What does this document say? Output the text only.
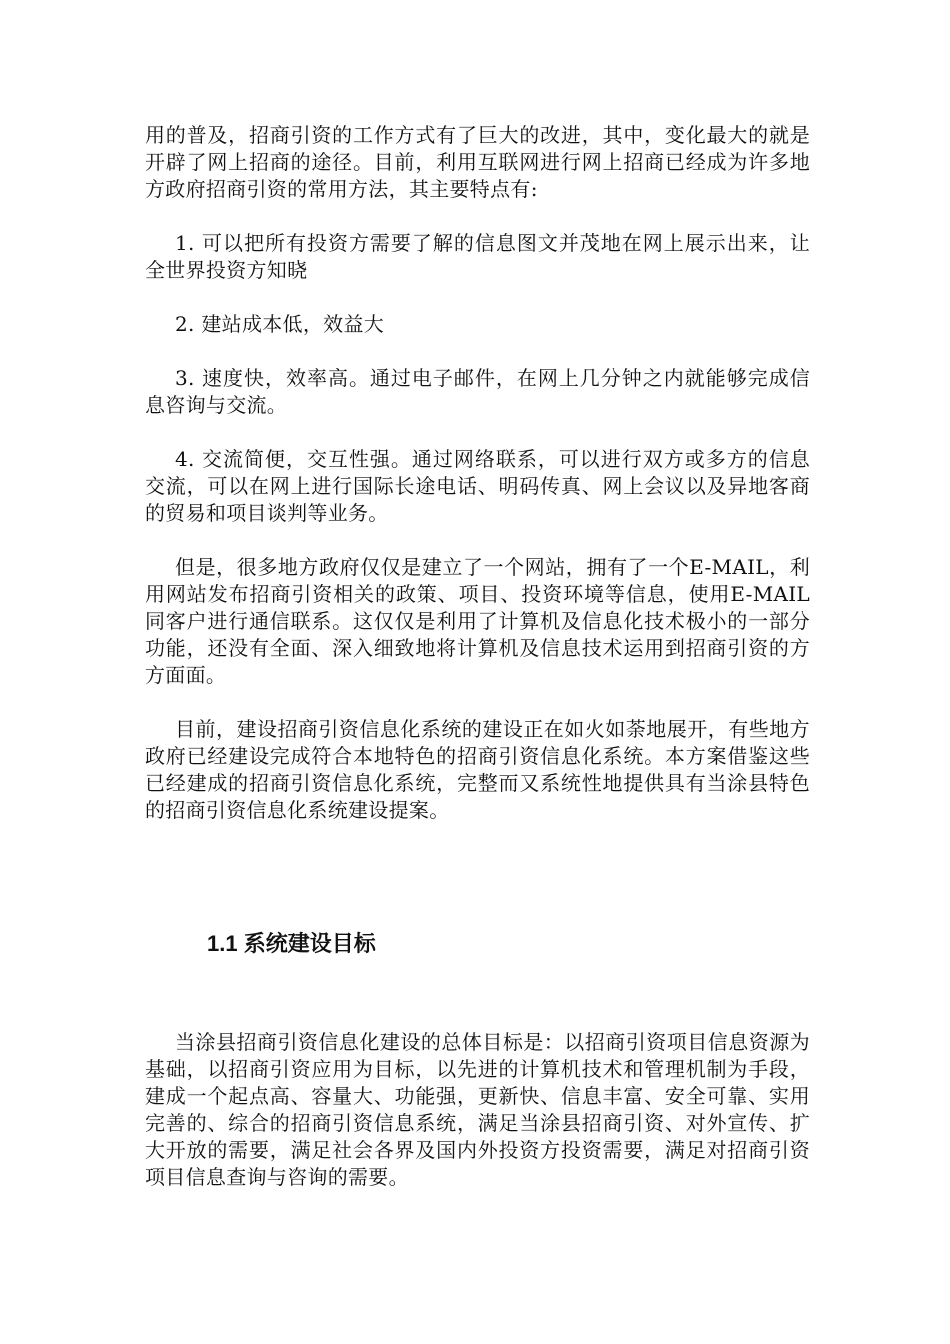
用的普及，招商引资的工作方式有了巨大的改进，其中，变化最大的就是开辟了网上招商的途径。目前，利用互联网进行网上招商已经成为许多地方政府招商引资的常用方法，其主要特点有:

1. 可以把所有投资方需要了解的信息图文并茂地在网上展示出来，让全世界投资方知晓

2. 建站成本低，效益大

3. 速度快，效率高。通过电子邮件，在网上几分钟之内就能够完成信息咨询与交流。

4. 交流简便，交互性强。通过网络联系，可以进行双方或多方的信息交流，可以在网上进行国际长途电话、明码传真、网上会议以及异地客商的贸易和项目谈判等业务。

但是，很多地方政府仅仅是建立了一个网站，拥有了一个E-MAIL，利用网站发布招商引资相关的政策、项目、投资环境等信息，使用E-MAIL同客户进行通信联系。这仅仅是利用了计算机及信息化技术极小的一部分功能，还没有全面、深入细致地将计算机及信息技术运用到招商引资的方方面面。

目前，建设招商引资信息化系统的建设正在如火如荼地展开，有些地方政府已经建设完成符合本地特色的招商引资信息化系统。本方案借鉴这些已经建成的招商引资信息化系统，完整而又系统性地提供具有当涂县特色的招商引资信息化系统建设提案。

1.1 系统建设目标

当涂县招商引资信息化建设的总体目标是：以招商引资项目信息资源为基础，以招商引资应用为目标，以先进的计算机技术和管理机制为手段，建成一个起点高、容量大、功能强，更新快、信息丰富、安全可靠、实用完善的、综合的招商引资信息系统，满足当涂县招商引资、对外宣传、扩大开放的需要，满足社会各界及国内外投资方投资需要，满足对招商引资项目信息查询与咨询的需要。
